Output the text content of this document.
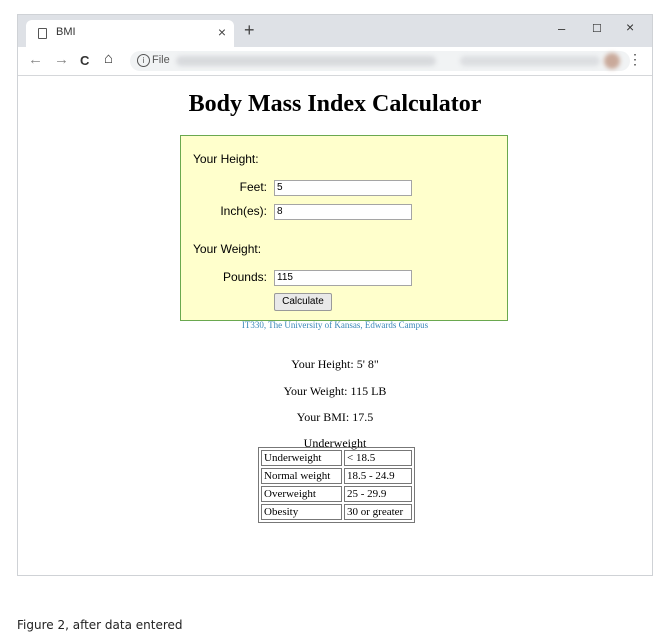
BMI	× +	– ☐ ×
← → C ⌂	i File	⋮
Body Mass Index Calculator
Your Height:
Feet:	5
Inch(es):	8
Your Weight:
Pounds:	115
Calculate
IT330, The University of Kansas, Edwards Campus
Your Height: 5' 8"
Your Weight: 115 LB
Your BMI: 17.5
Underweight
Underweight	< 18.5
Normal weight	18.5 - 24.9
Overweight	25 - 29.9
Obesity	30 or greater
Figure 2, after data entered
